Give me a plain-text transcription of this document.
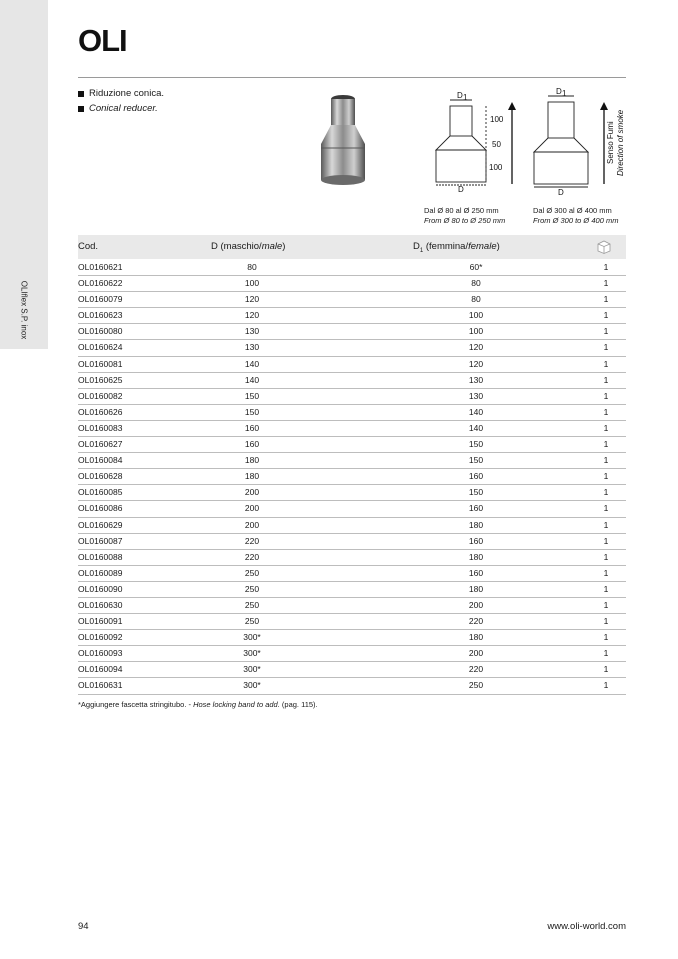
OLIflex S.P. inox
OLI
Riduzione conica.
Conical reducer.
D 1
D 1
D	D
100
50
100
Senso Fumi Direction of smoke
Dal Ø 80 al Ø 250 mm
From Ø 80 to Ø 250 mm
Dal Ø 300 al Ø 400 mm
From Ø 300 to Ø 400 mm
Cod.	D (maschio/male)	$D_1$ (femmina/female)
OL0160621	80	60*	1
OL0160622	100	80	1
OL0160079	120	80	1
OL0160623	120	100	1
OL0160080	130	100	1
OL0160624	130	120	1
OL0160081	140	120	1
OL0160625	140	130	1
OL0160082	150	130	1
OL0160626	150	140	1
OL0160083	160	140	1
OL0160627	160	150	1
OL0160084	180	150	1
OL0160628	180	160	1
OL0160085	200	150	1
OL0160086	200	160	1
OL0160629	200	180	1
OL0160087	220	160	1
OL0160088	220	180	1
OL0160089	250	160	1
OL0160090	250	180	1
OL0160630	250	200	1
OL0160091	250	220	1
OL0160092	300*	180	1
OL0160093	300*	200	1
OL0160094	300*	220	1
OL0160631	300*	250	1
*Aggiungere fascetta stringitubo. - Hose locking band to add. (pag. 115).
94	www.oli-world.com
